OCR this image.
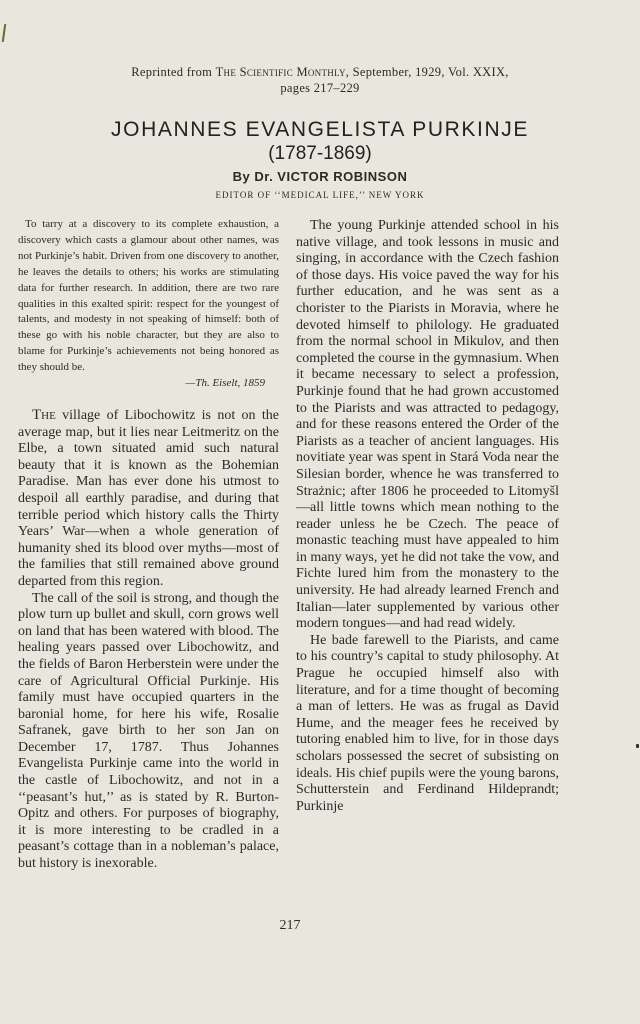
Reprinted from The Scientific Monthly, September, 1929, Vol. XXIX,
pages 217–229
JOHANNES EVANGELISTA PURKINJE
(1787-1869)
By Dr. VICTOR ROBINSON
EDITOR OF ‘‘MEDICAL LIFE,’’ NEW YORK

To tarry at a discovery to its complete exhaustion, a discovery which casts a glamour about other names, was not Purkinje’s habit. Driven from one discovery to another, he leaves the details to others; his works are stimulating data for further research. In addition, there are two rare qualities in this exalted spirit: respect for the youngest of talents, and modesty in not speaking of himself: both of these go with his noble character, but they are also to blame for Purkinje’s achievements not being honored as they should be.

—Th. Eiselt, 1859

The village of Libochowitz is not on the average map, but it lies near Leitmeritz on the Elbe, a town situated amid such natural beauty that it is known as the Bohemian Paradise. Man has ever done his utmost to despoil all earthly paradise, and during that terrible period which history calls the Thirty Years’ War—when a whole generation of humanity shed its blood over myths—most of the families that still remained above ground departed from this region.

The call of the soil is strong, and though the plow turn up bullet and skull, corn grows well on land that has been watered with blood. The healing years passed over Libochowitz, and the fields of Baron Herberstein were under the care of Agricultural Official Purkinje. His family must have occupied quarters in the baronial home, for here his wife, Rosalie Safranek, gave birth to her son Jan on December 17, 1787. Thus Johannes Evangelista Purkinje came into the world in the castle of Libochowitz, and not in a ‘‘peasant’s hut,’’ as is stated by R. Burton-Opitz and others. For purposes of biography, it is more interesting to be cradled in a peasant’s cottage than in a nobleman’s palace, but history is inexorable.

The young Purkinje attended school in his native village, and took lessons in music and singing, in accordance with the Czech fashion of those days. His voice paved the way for his further education, and he was sent as a chorister to the Piarists in Moravia, where he devoted himself to philology. He graduated from the normal school in Mikulov, and then completed the course in the gymnasium. When it became necessary to select a profession, Purkinje found that he had grown accustomed to the Piarists and was attracted to pedagogy, and for these reasons entered the Order of the Piarists as a teacher of ancient languages. His novitiate year was spent in Stará Voda near the Silesian border, whence he was transferred to Strażnic; after 1806 he proceeded to Litomyšl—all little towns which mean nothing to the reader unless he be Czech. The peace of monastic teaching must have appealed to him in many ways, yet he did not take the vow, and Fichte lured him from the monastery to the university. He had already learned French and Italian—later supplemented by various other modern tongues—and had read widely.

He bade farewell to the Piarists, and came to his country’s capital to study philosophy. At Prague he occupied himself also with literature, and for a time thought of becoming a man of letters. He was as frugal as David Hume, and the meager fees he received by tutoring enabled him to live, for in those days scholars possessed the secret of subsisting on ideals. His chief pupils were the young barons, Schutterstein and Ferdinand Hildeprandt; Purkinje

217
